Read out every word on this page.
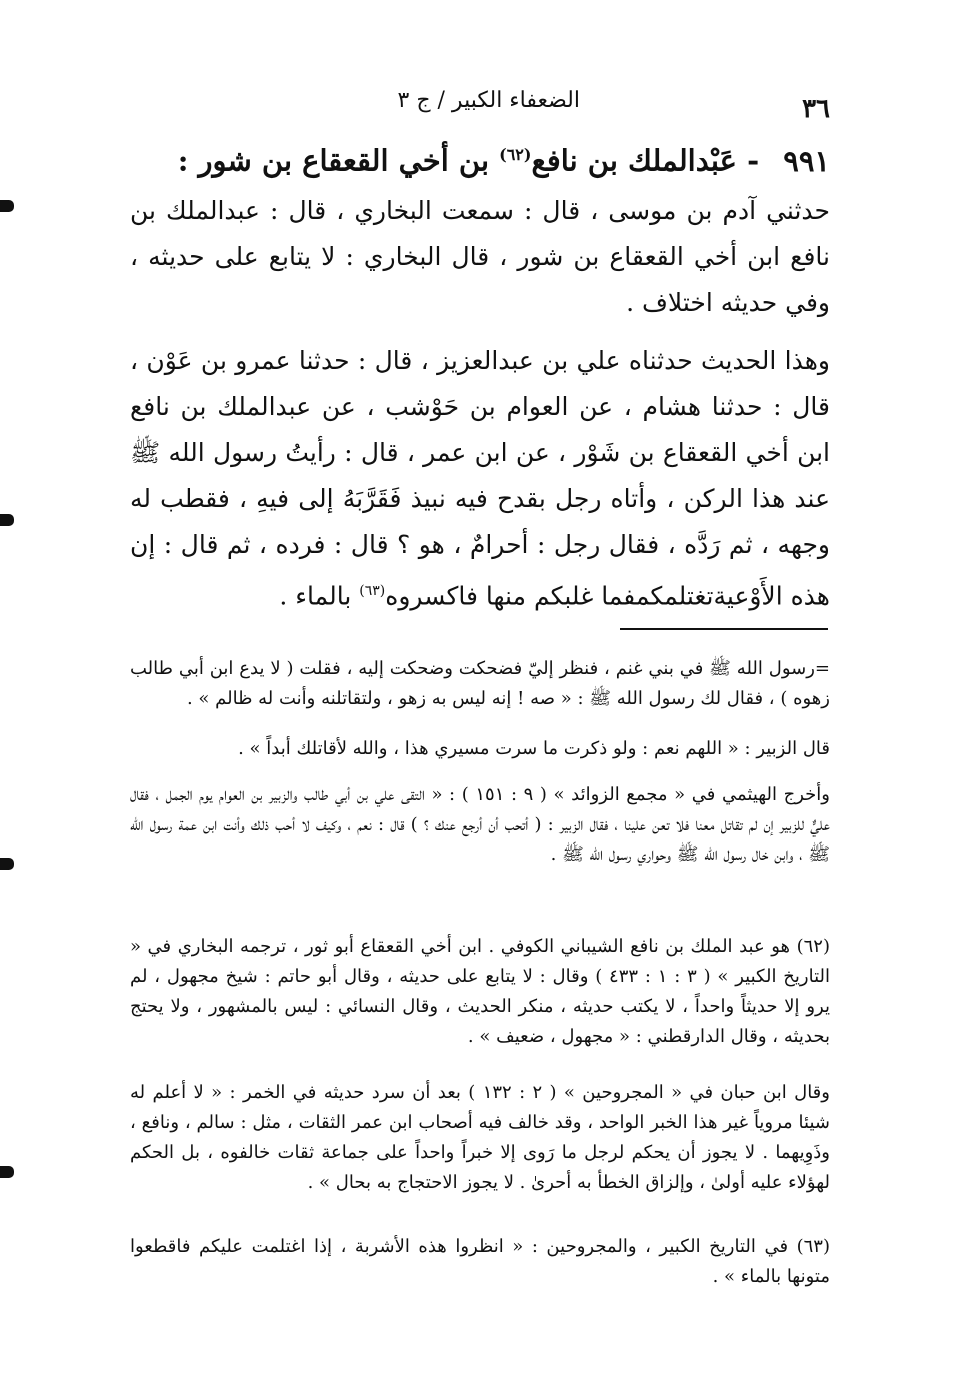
٣٦
الضعفاء الكبير / ج ٣
٩٩١ - عَبْدالملك بن نافع$^{(٦٢)}$ بن أخي القعقاع بن شور :

حدثني آدم بن موسى ، قال : سمعت البخاري ، قال : عبدالملك بن نافع ابن أخي القعقاع بن شور ، قال البخاري : لا يتابع على حديثه ، وفي حديثه اختلاف .

وهذا الحديث حدثناه علي بن عبدالعزيز ، قال : حدثنا عمرو بن عَوْن ، قال : حدثنا هشام ، عن العوام بن حَوْشب ، عن عبدالملك بن نافع ابن أخي القعقاع بن شَوْر ، عن ابن عمر ، قال : رأيتُ رسول الله ﷺ عند هذا الركن ، وأتاه رجل بقدح فيه نبيذ فَقَرَّبَهُ إلى فيهِ ، فقطب له وجهه ، ثم رَدَّه ، فقال رجل : أحرامٌ ، هو ؟ قال : فرده ، ثم قال : إن هذه الأَوْعيةتغتلمكمفما غلبكم منها فاكسروه$^{(٦٣)}$ بالماء .

=رسول الله ﷺ في بني غنم ، فنظر إليّ فضحكت وضحكت إليه ، فقلت ( لا يدع ابن أبي طالب زهوه ) ، فقال لك رسول الله ﷺ : « صه ! إنه ليس به زهو ، ولتقاتلنه وأنت له ظالم » .

قال الزبير : « اللهم نعم : ولو ذكرت ما سرت مسيري هذا ، والله لأقاتلك أبداً » .

وأخرج الهيثمي في « مجمع الزوائد » ( ٩ : ١٥١ ) : « التقى علي بن أبي طالب والزبير بن العوام يوم الجمل ، فقال عليٌّ للزبير إن لم تقاتل معنا فلا تعن علينا ، فقال الزبير : ( أتحب أن أرجع عنك ؟ ) قال : نعم ، وكيف لا أحب ذلك وأنت ابن عمة رسول الله ﷺ ، وابن خال رسول الله ﷺ وحواري رسول الله ﷺ .

(٦٢) هو عبد الملك بن نافع الشيباني الكوفي . ابن أخي القعقاع أبو ثور ، ترجمه البخاري في « التاريخ الكبير » ( ٣ : ١ : ٤٣٣ ) وقال : لا يتابع على حديثه ، وقال أبو حاتم : شيخ مجهول ، لم يرو إلا حديثاً واحداً ، لا يكتب حديثه ، منكر الحديث ، وقال النسائي : ليس بالمشهور ، ولا يحتج بحديثه ، وقال الدارقطني : « مجهول ، ضعيف » .

وقال ابن حبان في « المجروحين » ( ٢ : ١٣٢ ) بعد أن سرد حديثه في الخمر : « لا أعلم له شيئا مروياً غير هذا الخبر الواحد ، وقد خالف فيه أصحاب ابن عمر الثقات ، مثل : سالم ، ونافع ، وذَوِيهما . لا يجوز أن يحكم لرجل ما رَوى إلا خبراً واحداً على جماعة ثقات خالفوه ، بل الحكم لهؤلاء عليه أولىٰ ، وإلزاق الخطأ به أحرىٰ . لا يجوز الاحتجاج به بحال » .

(٦٣) في التاريخ الكبير ، والمجروحين : « انظروا هذه الأشربة ، إذا اغتلمت عليكم فاقطعوا متونها بالماء » .
